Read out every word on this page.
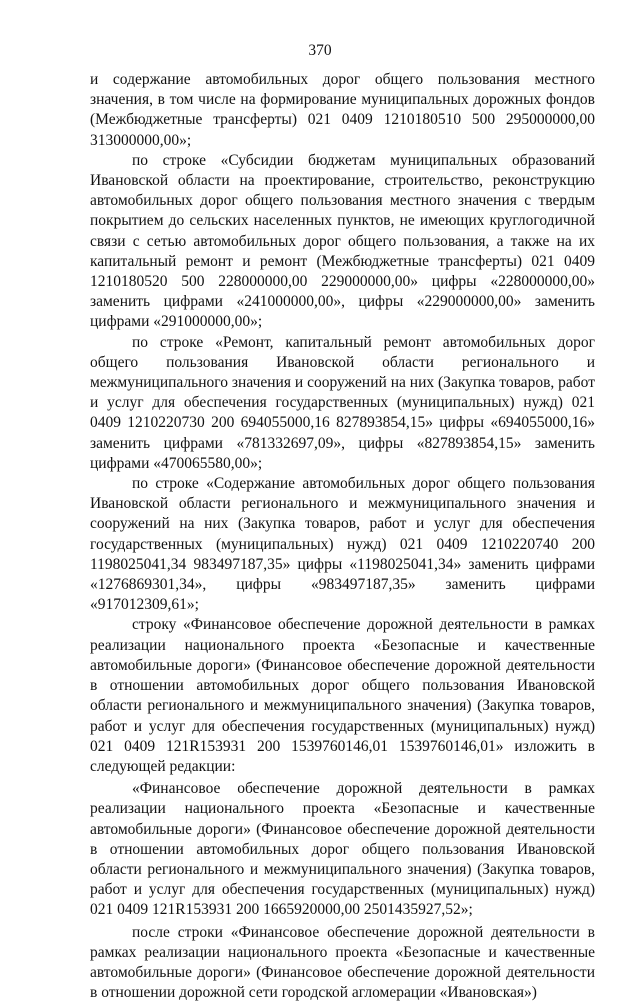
370

и содержание автомобильных дорог общего пользования местного значения, в том числе на формирование муниципальных дорожных фондов (Межбюджетные трансферты) 021 0409 1210180510 500 295000000,00 313000000,00»;

по строке «Субсидии бюджетам муниципальных образований Ивановской области на проектирование, строительство, реконструкцию автомобильных дорог общего пользования местного значения с твердым покрытием до сельских населенных пунктов, не имеющих круглогодичной связи с сетью автомобильных дорог общего пользования, а также на их капитальный ремонт и ремонт (Межбюджетные трансферты) 021 0409 1210180520 500 228000000,00 229000000,00» цифры «228000000,00» заменить цифрами «241000000,00», цифры «229000000,00» заменить цифрами «291000000,00»;

по строке «Ремонт, капитальный ремонт автомобильных дорог общего пользования Ивановской области регионального и межмуниципального значения и сооружений на них (Закупка товаров, работ и услуг для обеспечения государственных (муниципальных) нужд) 021 0409 1210220730 200 694055000,16 827893854,15» цифры «694055000,16» заменить цифрами «781332697,09», цифры «827893854,15» заменить цифрами «470065580,00»;

по строке «Содержание автомобильных дорог общего пользования Ивановской области регионального и межмуниципального значения и сооружений на них (Закупка товаров, работ и услуг для обеспечения государственных (муниципальных) нужд) 021 0409 1210220740 200 1198025041,34 983497187,35» цифры «1198025041,34» заменить цифрами «1276869301,34», цифры «983497187,35» заменить цифрами «917012309,61»;

строку «Финансовое обеспечение дорожной деятельности в рамках реализации национального проекта «Безопасные и качественные автомобильные дороги» (Финансовое обеспечение дорожной деятельности в отношении автомобильных дорог общего пользования Ивановской области регионального и межмуниципального значения) (Закупка товаров, работ и услуг для обеспечения государственных (муниципальных) нужд) 021 0409 121R153931 200 1539760146,01 1539760146,01» изложить в следующей редакции:

«Финансовое обеспечение дорожной деятельности в рамках реализации национального проекта «Безопасные и качественные автомобильные дороги» (Финансовое обеспечение дорожной деятельности в отношении автомобильных дорог общего пользования Ивановской области регионального и межмуниципального значения) (Закупка товаров, работ и услуг для обеспечения государственных (муниципальных) нужд) 021 0409 121R153931 200 1665920000,00 2501435927,52»;

после строки «Финансовое обеспечение дорожной деятельности в рамках реализации национального проекта «Безопасные и качественные автомобильные дороги» (Финансовое обеспечение дорожной деятельности в отношении дорожной сети городской агломерации «Ивановская»)
